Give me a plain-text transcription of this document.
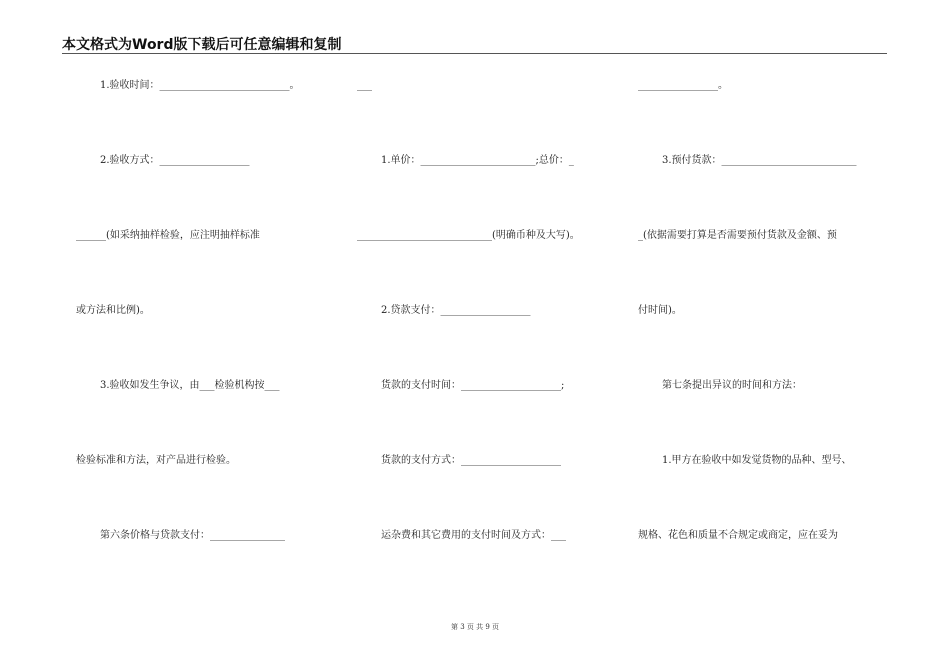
本文格式为Word版下载后可任意编辑和复制
1.验收时间：__________________________。
2.验收方式：__________________
______(如采纳抽样检验，应注明抽样标准
或方法和比例)。
3.验收如发生争议，由___检验机构按___
检验标准和方法，对产品进行检验。
第六条价格与贷款支付：_______________
___
1.单价：_______________________;总价：_
___________________________(明确币种及大写)。
2.贷款支付：__________________
货款的支付时间：____________________;
货款的支付方式：____________________
运杂费和其它费用的支付时间及方式：___
________________。
3.预付货款：___________________________
_(依据需要打算是否需要预付货款及金额、预
付时间)。
第七条提出异议的时间和方法：
1.甲方在验收中如发觉货物的品种、型号、
规格、花色和质量不合规定或商定，应在妥为
第 3 页 共 9 页
